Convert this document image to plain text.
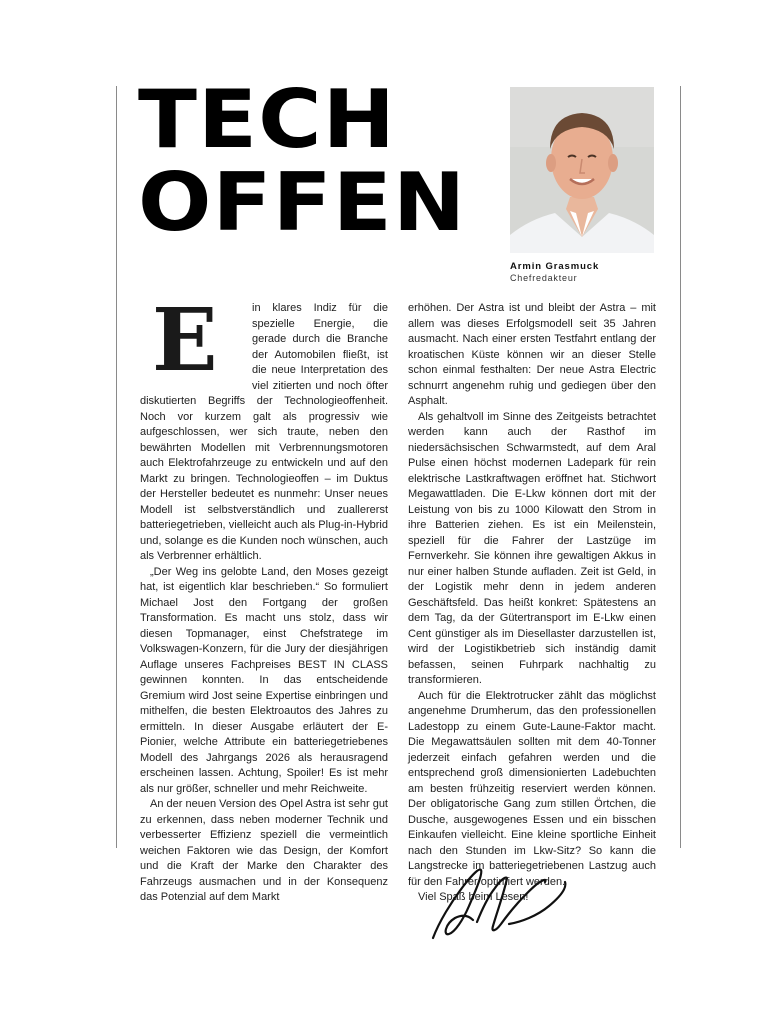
TECH
OFFEN
Armin Grasmuck
Chefredakteur
E	in klares Indiz für die spezielle Energie, die gerade durch die Branche der Automobilen fließt, ist die neue Interpretation des viel zitierten und noch öfter diskutierten Begriffs der Technologieoffenheit. Noch vor kurzem galt als progressiv wie aufgeschlossen, wer sich traute, neben den bewährten Modellen mit Verbrennungsmotoren auch Elektrofahrzeuge zu entwickeln und auf den Markt zu bringen. Technologieoffen – im Duktus der Hersteller bedeutet es nunmehr: Unser neues Modell ist selbstverständlich und zuallererst batteriegetrieben, vielleicht auch als Plug-in-Hybrid und, solange es die Kunden noch wünschen, auch als Verbrenner erhältlich.

„Der Weg ins gelobte Land, den Moses gezeigt hat, ist eigentlich klar beschrieben.“ So formuliert Michael Jost den Fortgang der großen Transformation. Es macht uns stolz, dass wir diesen Topmanager, einst Chefstratege im Volkswagen-Konzern, für die Jury der diesjährigen Auflage unseres Fachpreises BEST IN CLASS gewinnen konnten. In das entscheidende Gremium wird Jost seine Expertise einbringen und mithelfen, die besten Elektroautos des Jahres zu ermitteln. In dieser Ausgabe erläutert der E-Pionier, welche Attribute ein batteriegetriebenes Modell des Jahrgangs 2026 als herausragend erscheinen lassen. Achtung, Spoiler! Es ist mehr als nur größer, schneller und mehr Reichweite.

An der neuen Version des Opel Astra ist sehr gut zu erkennen, dass neben moderner Technik und verbesserter Effizienz speziell die vermeintlich weichen Faktoren wie das Design, der Komfort und die Kraft der Marke den Charakter des Fahrzeugs ausmachen und in der Konsequenz das Potenzial auf dem Markt

erhöhen. Der Astra ist und bleibt der Astra – mit allem was dieses Erfolgsmodell seit 35 Jahren ausmacht. Nach einer ersten Testfahrt entlang der kroatischen Küste können wir an dieser Stelle schon einmal festhalten: Der neue Astra Electric schnurrt angenehm ruhig und gediegen über den Asphalt.

Als gehaltvoll im Sinne des Zeitgeists betrachtet werden kann auch der Rasthof im niedersächsischen Schwarmstedt, auf dem Aral Pulse einen höchst modernen Ladepark für rein elektrische Lastkraftwagen eröffnet hat. Stichwort Megawattladen. Die E-Lkw können dort mit der Leistung von bis zu 1000 Kilowatt den Strom in ihre Batterien ziehen. Es ist ein Meilenstein, speziell für die Fahrer der Lastzüge im Fernverkehr. Sie können ihre gewaltigen Akkus in nur einer halben Stunde aufladen. Zeit ist Geld, in der Logistik mehr denn in jedem anderen Geschäftsfeld. Das heißt konkret: Spätestens an dem Tag, da der Gütertransport im E-Lkw einen Cent günstiger als im Diesellaster darzustellen ist, wird der Logistikbetrieb sich inständig damit befassen, seinen Fuhrpark nachhaltig zu transformieren.

Auch für die Elektrotrucker zählt das möglichst angenehme Drumherum, das den professionellen Ladestopp zu einem Gute-Laune-Faktor macht. Die Megawattsäulen sollten mit dem 40-Tonner jederzeit einfach gefahren werden und die entsprechend groß dimensionierten Ladebuchten am besten frühzeitig reserviert werden können. Der obligatorische Gang zum stillen Örtchen, die Dusche, ausgewogenes Essen und ein bisschen Einkaufen vielleicht. Eine kleine sportliche Einheit nach den Stunden im Lkw-Sitz? So kann die Langstrecke im batteriegetriebenen Lastzug auch für den Fahrer optimiert werden.

Viel Spaß beim Lesen!
